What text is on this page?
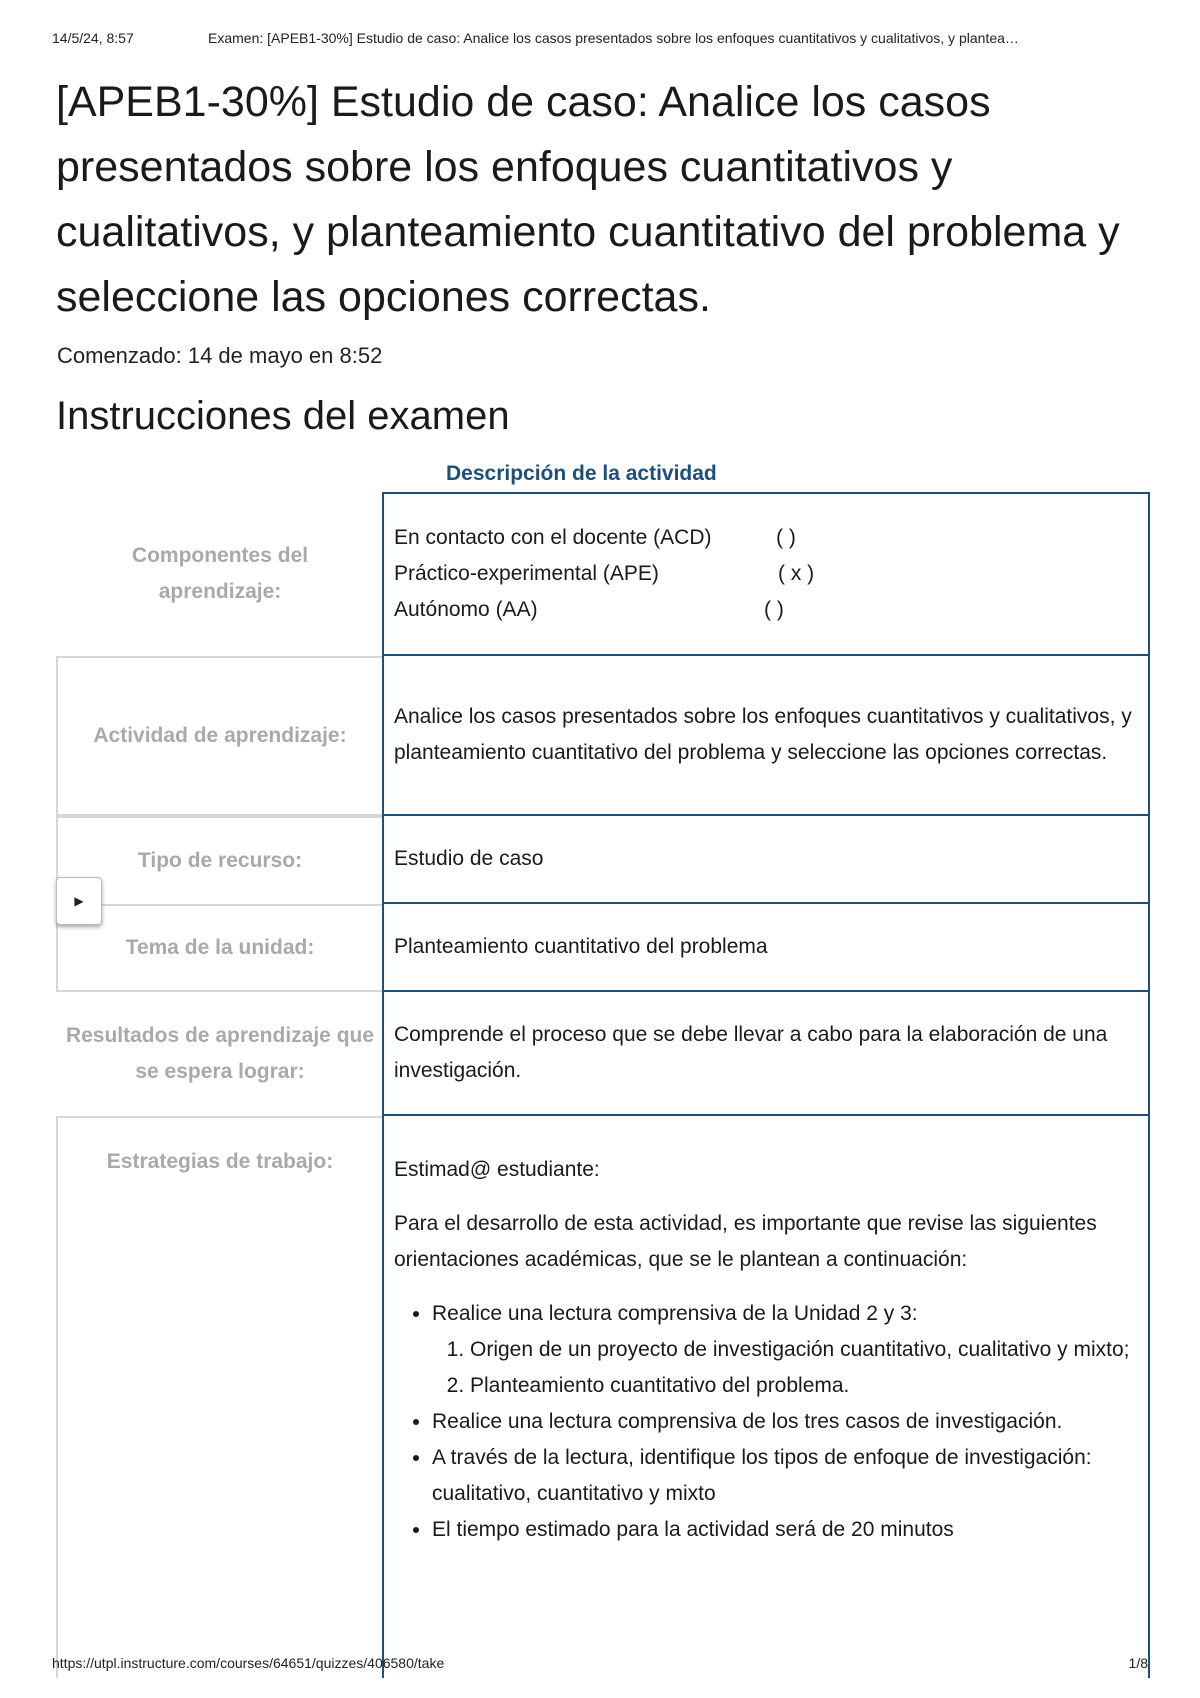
14/5/24, 8:57	Examen: [APEB1-30%] Estudio de caso: Analice los casos presentados sobre los enfoques cuantitativos y cualitativos, y plantea…
[APEB1-30%] Estudio de caso: Analice los casos presentados sobre los enfoques cuantitativos y cualitativos, y planteamiento cuantitativo del problema y seleccione las opciones correctas.
Comenzado: 14 de mayo en 8:52
Instrucciones del examen
Descripción de la actividad
Componentes del aprendizaje:
En contacto con el docente (ACD)	( )
Práctico-experimental (APE)	( x )
Autónomo (AA)	( )
Actividad de aprendizaje:
Analice los casos presentados sobre los enfoques cuantitativos y cualitativos, y planteamiento cuantitativo del problema y seleccione las opciones correctas.
Tipo de recurso:	Estudio de caso
Tema de la unidad:	Planteamiento cuantitativo del problema
Resultados de aprendizaje que se espera lograr:
Comprende el proceso que se debe llevar a cabo para la elaboración de una investigación.
Estrategias de trabajo:	Estimad@ estudiante:

Para el desarrollo de esta actividad, es importante que revise las siguientes orientaciones académicas, que se le plantean a continuación:

• Realice una lectura comprensiva de la Unidad 2 y 3:
1. Origen de un proyecto de investigación cuantitativo, cualitativo y mixto;
2. Planteamiento cuantitativo del problema.
• Realice una lectura comprensiva de los tres casos de investigación.
• A través de la lectura, identifique los tipos de enfoque de investigación: cualitativo, cuantitativo y mixto
• El tiempo estimado para la actividad será de 20 minutos
▶
https://utpl.instructure.com/courses/64651/quizzes/406580/take	1/8
